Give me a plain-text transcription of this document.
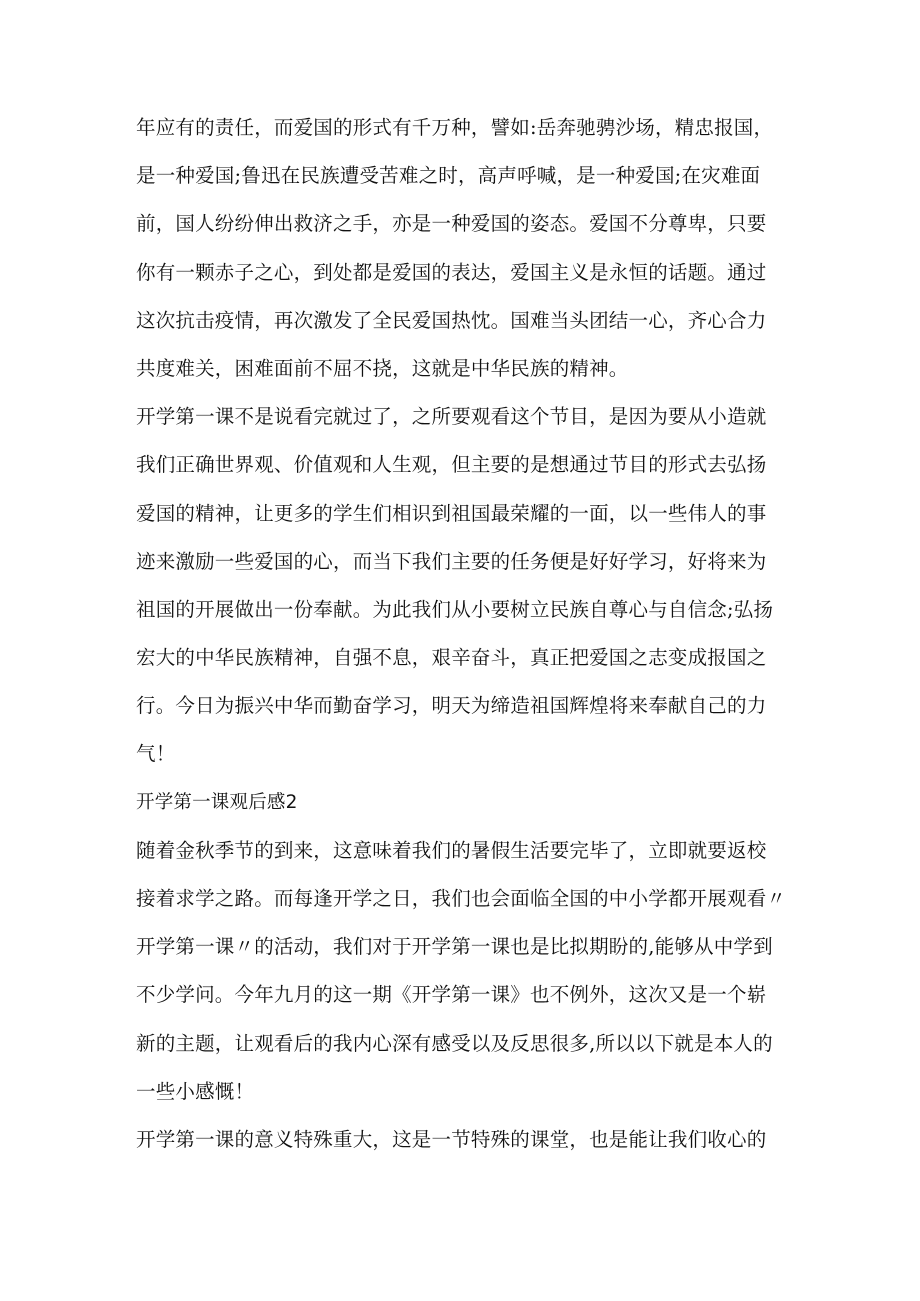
年应有的责任，而爱国的形式有千万种，譬如:岳奔驰骋沙场，精忠报国，
是一种爱国;鲁迅在民族遭受苦难之时，高声呼喊，是一种爱国;在灾难面
前，国人纷纷伸出救济之手，亦是一种爱国的姿态。爱国不分尊卑，只要
你有一颗赤子之心，到处都是爱国的表达，爱国主义是永恒的话题。通过
这次抗击疫情，再次激发了全民爱国热忱。国难当头团结一心，齐心合力
共度难关，困难面前不屈不挠，这就是中华民族的精神。
开学第一课不是说看完就过了，之所要观看这个节目，是因为要从小造就
我们正确世界观、价值观和人生观，但主要的是想通过节目的形式去弘扬
爱国的精神，让更多的学生们相识到祖国最荣耀的一面，以一些伟人的事
迹来激励一些爱国的心，而当下我们主要的任务便是好好学习，好将来为
祖国的开展做出一份奉献。为此我们从小要树立民族自尊心与自信念;弘扬
宏大的中华民族精神，自强不息，艰辛奋斗，真正把爱国之志变成报国之
行。今日为振兴中华而勤奋学习，明天为缔造祖国辉煌将来奉献自己的力
气！
开学第一课观后感2
随着金秋季节的到来，这意味着我们的暑假生活要完毕了，立即就要返校
接着求学之路。而每逢开学之日，我们也会面临全国的中小学都开展观看〃
开学第一课〃的活动，我们对于开学第一课也是比拟期盼的,能够从中学到
不少学问。今年九月的这一期《开学第一课》也不例外，这次又是一个崭
新的主题，让观看后的我内心深有感受以及反思很多,所以以下就是本人的
一些小感慨！
开学第一课的意义特殊重大，这是一节特殊的课堂，也是能让我们收心的
